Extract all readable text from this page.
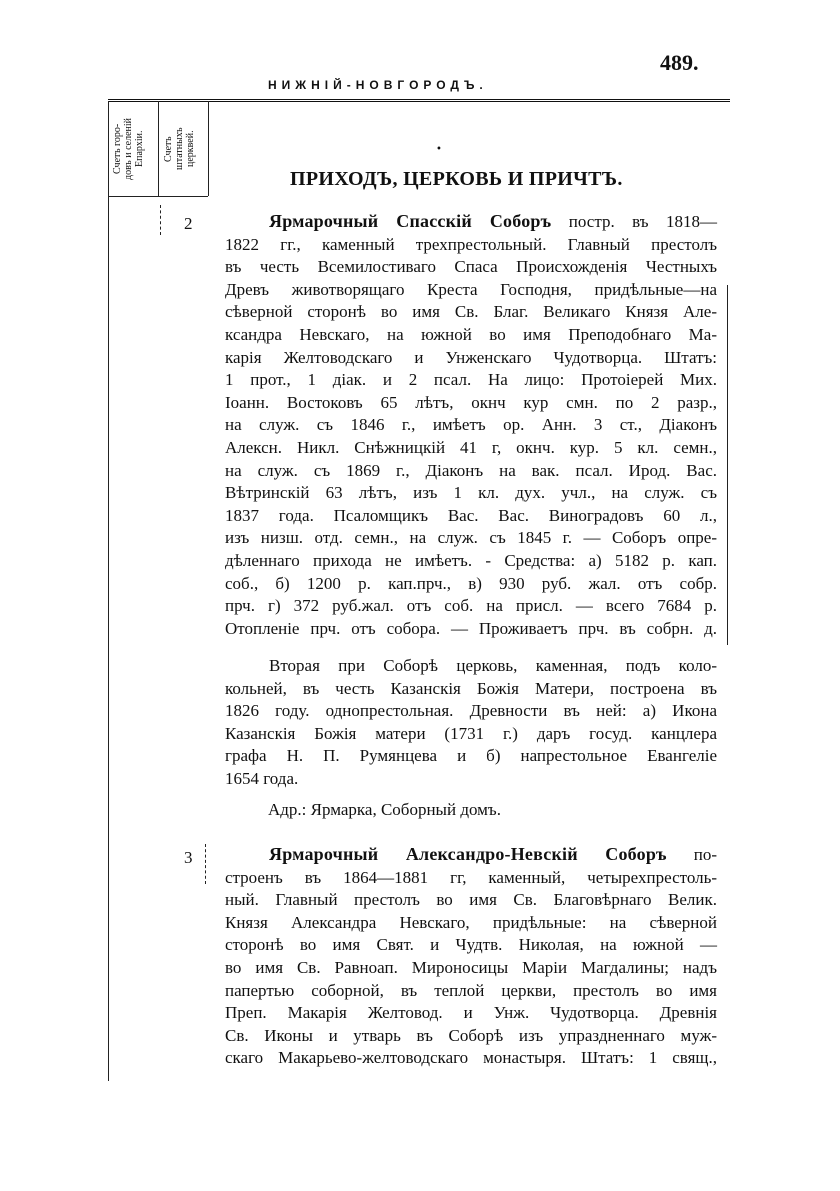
489.
НИЖНІЙ-НОВГОРОДЪ.
Счетъ горо-
довъ и селеній
Епархіи.	Счетъ
штатныхъ
церквей.	•
ПРИХОДЪ, ЦЕРКОВЬ И ПРИЧТЪ.
2	Ярмарочный Спасскій Соборъ постр. въ 1818—
1822 гг., каменный трехпрестольный. Главный престолъ
въ честь Всемилостиваго Спаса Происхожденія Честныхъ
Древъ животворящаго Креста Господня, придѣльные—на
сѣверной сторонѣ во имя Св. Благ. Великаго Князя Але-
ксандра Невскаго, на южной во имя Преподобнаго Ма-
карія Желтоводскаго и Унженскаго Чудотворца. Штатъ:
1 прот., 1 діак. и 2 псал. На лицо: Протоіерей Мих.
Іоанн. Востоковъ 65 лѣтъ, окнч кур смн. по 2 разр.,
на служ. съ 1846 г., имѣетъ ор. Анн. 3 ст., Діаконъ
Алексн. Никл. Снѣжницкій 41 г, окнч. кур. 5 кл. семн.,
на служ. съ 1869 г., Діаконъ на вак. псал. Ирод. Вас.
Вѣтринскій 63 лѣтъ, изъ 1 кл. дух. учл., на служ. съ
1837 года. Псаломщикъ Вас. Вас. Виноградовъ 60 л.,
изъ низш. отд. семн., на служ. съ 1845 г. — Соборъ опре-
дѣленнаго прихода не имѣетъ. - Средства: а) 5182 р. кап.
соб., б) 1200 р. кап.прч., в) 930 руб. жал. отъ собр.
прч. г) 372 руб.жал. отъ соб. на присл. — всего 7684 р.
Отопленіе прч. отъ собора. — Проживаетъ прч. въ собрн. д.
Вторая при Соборѣ церковь, каменная, подъ коло-
кольней, въ честь Казанскія Божія Матери, построена въ
1826 году. однопрестольная. Древности въ ней: а) Икона
Казанскія Божія матери (1731 г.) даръ госуд. канцлера
графа Н. П. Румянцева и б) напрестольное Евангеліе
1654 года.
Адр.: Ярмарка, Соборный домъ.
3	Ярмарочный Александро-Невскій Соборъ по-
строенъ въ 1864—1881 гг, каменный, четырехпрестоль-
ный. Главный престолъ во имя Св. Благовѣрнаго Велик.
Князя Александра Невскаго, придѣльные: на сѣверной
сторонѣ во имя Свят. и Чудтв. Николая, на южной —
во имя Св. Равноап. Мироносицы Маріи Магдалины; надъ
папертью соборной, въ теплой церкви, престолъ во имя
Преп. Макарія Желтовод. и Унж. Чудотворца. Древнія
Св. Иконы и утварь въ Соборѣ изъ упраздненнаго муж-
скаго Макарьево-желтоводскаго монастыря. Штатъ: 1 свящ.,
